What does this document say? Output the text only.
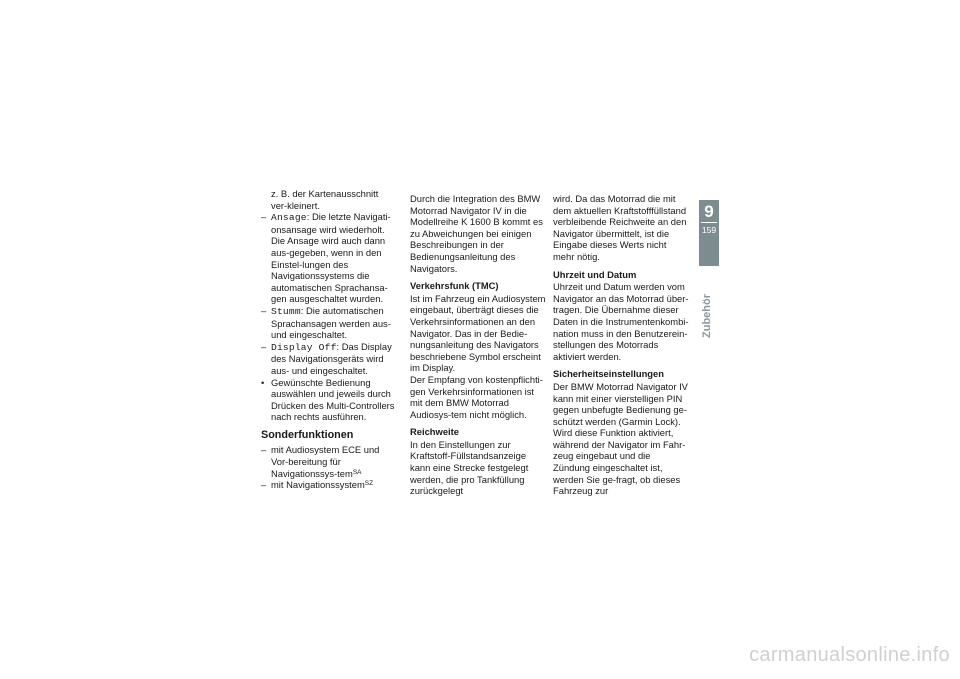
z. B. der Kartenausschnitt ver-kleinert.

– Ansage: Die letzte Navigati-onsansage wird wiederholt. Die Ansage wird auch dann aus-gegeben, wenn in den Einstel-lungen des Navigationssystems die automatischen Sprachansa-gen ausgeschaltet wurden.
– Stumm: Die automatischen Sprachansagen werden aus- und eingeschaltet.
– Display Off: Das Display des Navigationsgeräts wird aus- und eingeschaltet.
• Gewünschte Bedienung auswählen und jeweils durch Drücken des Multi-Controllers nach rechts ausführen.
Sonderfunktionen
– mit Audiosystem ECE und Vor-bereitung für Navigationssys-tem$^{SA}$
– mit Navigationssystem$^{SZ}$

Durch die Integration des BMW Motorrad Navigator IV in die Modellreihe K 1600 B kommt es zu Abweichungen bei einigen Beschreibungen in der Bedienungsanleitung des Navigators.

Verkehrsfunk (TMC)

Ist im Fahrzeug ein Audiosystem eingebaut, überträgt dieses die Verkehrsinformationen an den Navigator. Das in der Bedie-nungsanleitung des Navigators beschriebene Symbol erscheint im Display.

Der Empfang von kostenpflichti-gen Verkehrsinformationen ist mit dem BMW Motorrad Audiosys-tem nicht möglich.

Reichweite

In den Einstellungen zur Kraftstoff-Füllstandsanzeige kann eine Strecke festgelegt werden, die pro Tankfüllung zurückgelegt

wird. Da das Motorrad die mit dem aktuellen Kraftstofffüllstand verbleibende Reichweite an den Navigator übermittelt, ist die Eingabe dieses Werts nicht mehr nötig.

Uhrzeit und Datum

Uhrzeit und Datum werden vom Navigator an das Motorrad über-tragen. Die Übernahme dieser Daten in die Instrumentenkombi-nation muss in den Benutzerein-stellungen des Motorrads aktiviert werden.

Sicherheitseinstellungen

Der BMW Motorrad Navigator IV kann mit einer vierstelligen PIN gegen unbefugte Bedienung ge-schützt werden (Garmin Lock).

Wird diese Funktion aktiviert, während der Navigator im Fahr-zeug eingebaut und die Zündung eingeschaltet ist, werden Sie ge-fragt, ob dieses Fahrzeug zur

9
159
Zubehör
carmanualsonline.info
